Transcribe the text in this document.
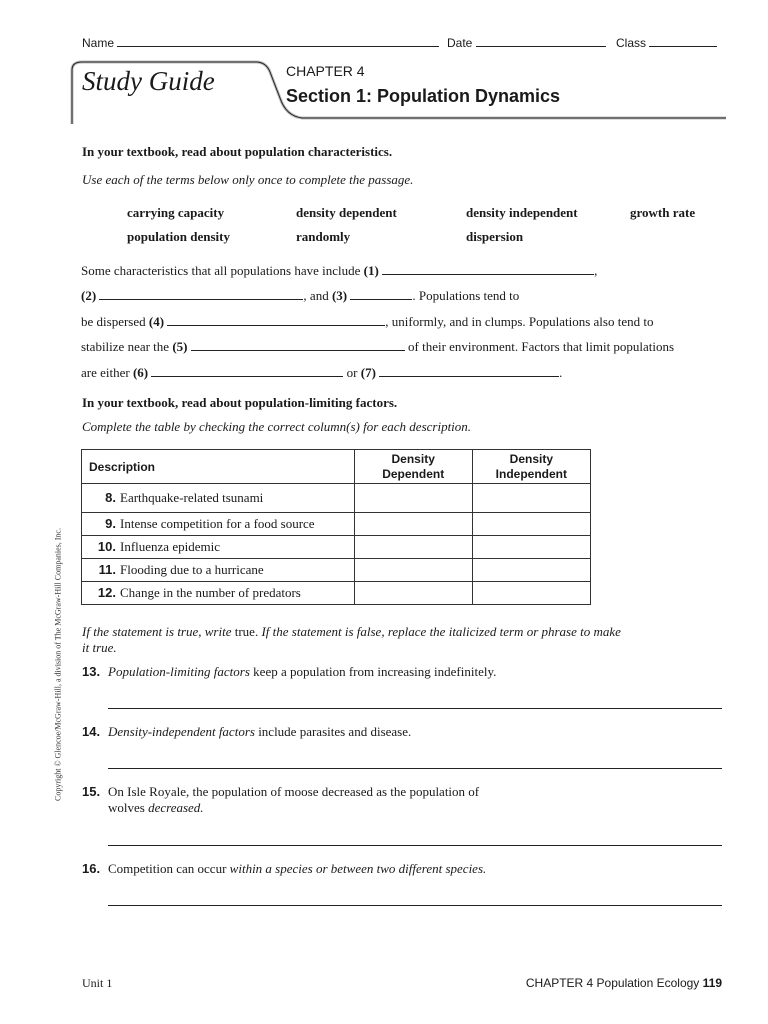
Name	Date	Class
Study Guide	CHAPTER 4
Section 1: Population Dynamics
In your textbook, read about population characteristics.
Use each of the terms below only once to complete the passage.
carrying capacity	density dependent	density independent	growth rate
population density	randomly	dispersion
Some characteristics that all populations have include (1)	,
(2)	, and (3)	. Populations tend to
be dispersed (4)	, uniformly, and in clumps. Populations also tend to
stabilize near the (5)	of their environment. Factors that limit populations
are either (6)	or (7)	.
In your textbook, read about population-limiting factors.
Complete the table by checking the correct column(s) for each description.
Description	Density Dependent	Density Independent
8. Earthquake-related tsunami		
9. Intense competition for a food source		
10. Influenza epidemic		
11. Flooding due to a hurricane		
12. Change in the number of predators		
If the statement is true, write true. If the statement is false, replace the italicized term or phrase to make it true.
13. Population-limiting factors keep a population from increasing indefinitely.
14. Density-independent factors include parasites and disease.
15. On Isle Royale, the population of moose decreased as the population of
wolves decreased.
16. Competition can occur within a species or between two different species.
Copyright © Glencoe/McGraw-Hill, a division of The McGraw-Hill Companies, Inc.
Unit 1	CHAPTER 4 Population Ecology 119
